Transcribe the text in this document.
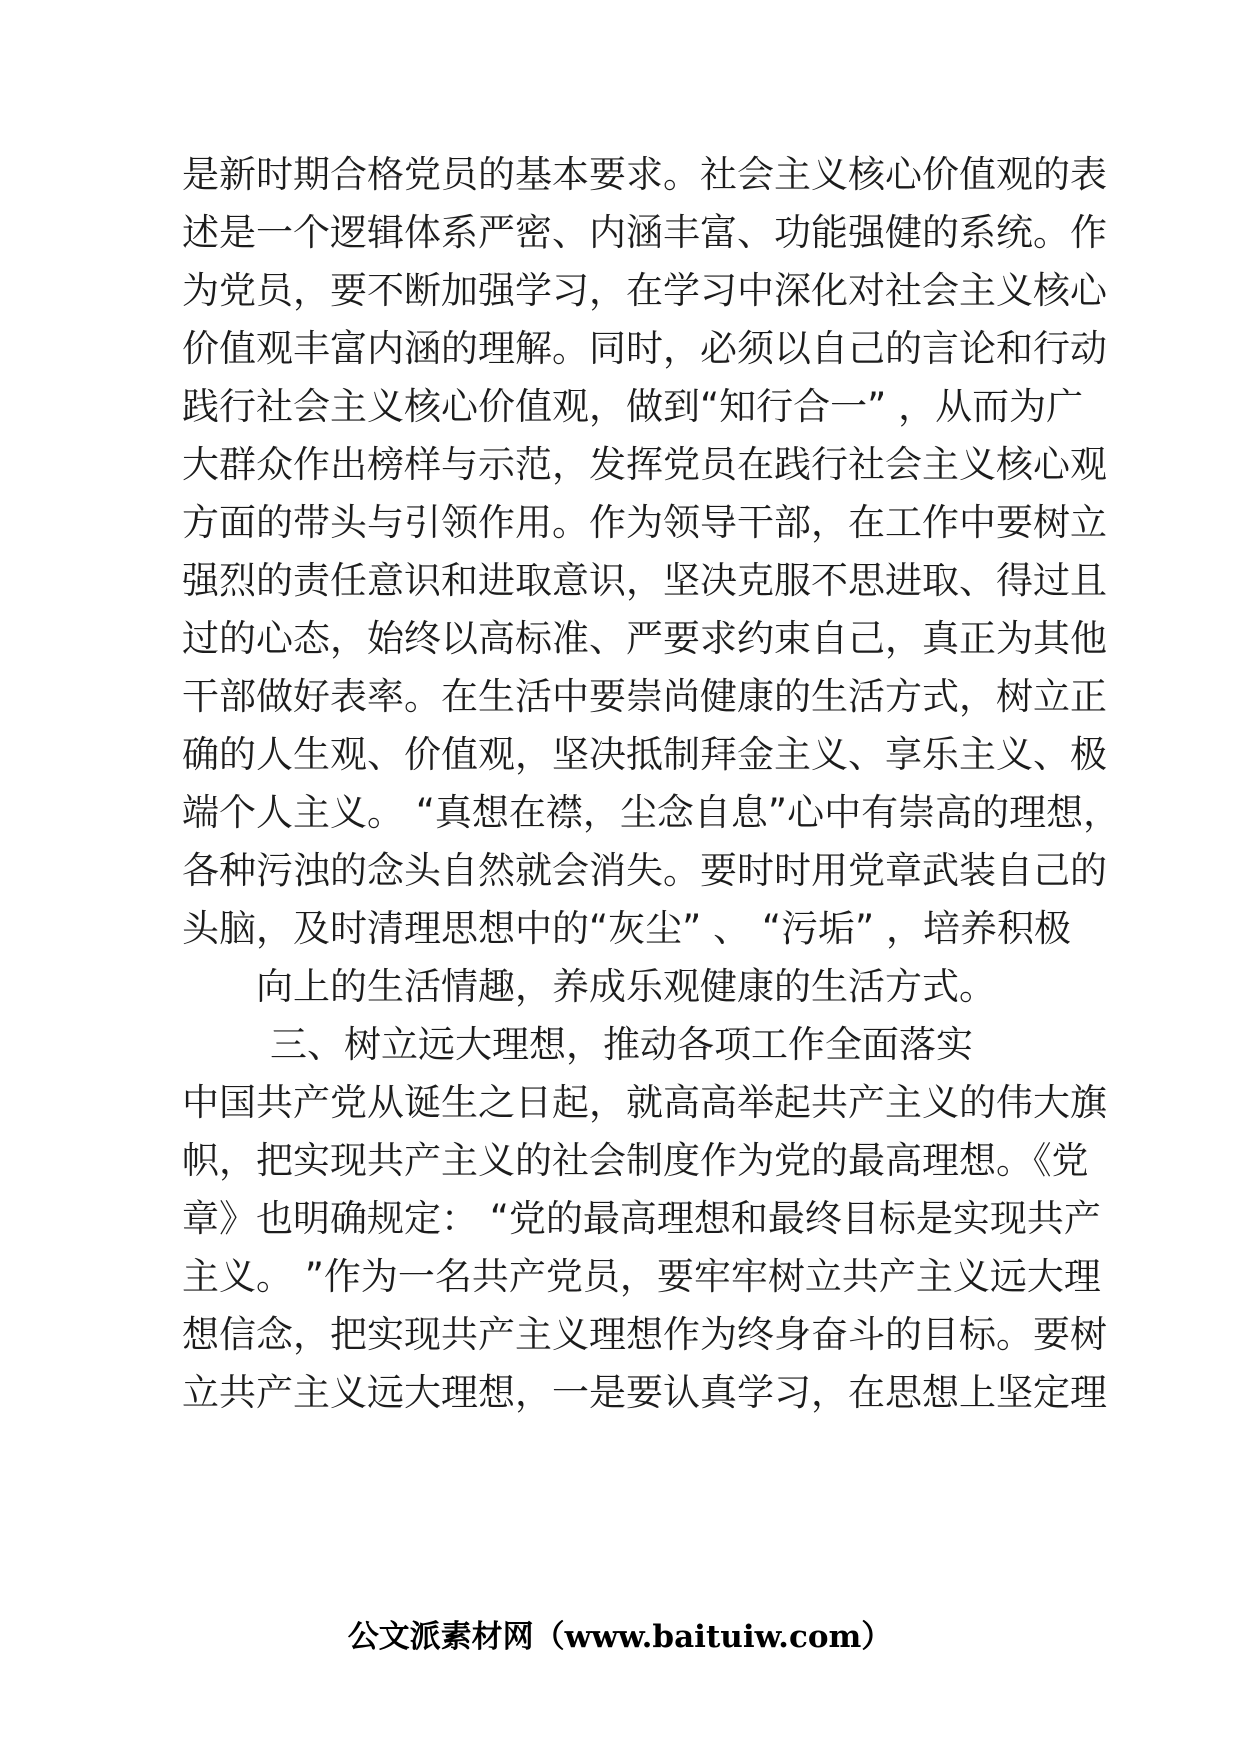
是新时期合格党员的基本要求。社会主义核心价值观的表
述是一个逻辑体系严密、内涵丰富、功能强健的系统。作
为党员，要不断加强学习，在学习中深化对社会主义核心
价值观丰富内涵的理解。同时，必须以自己的言论和行动
践行社会主义核心价值观，做到“知行合一” ，从而为广
大群众作出榜样与示范，发挥党员在践行社会主义核心观
方面的带头与引领作用。作为领导干部，在工作中要树立
强烈的责任意识和进取意识，坚决克服不思进取、得过且
过的心态，始终以高标准、严要求约束自己，真正为其他
干部做好表率。在生活中要崇尚健康的生活方式，树立正
确的人生观、价值观，坚决抵制拜金主义、享乐主义、极
端个人主义。 “真想在襟，尘念自息”心中有崇高的理想，
各种污浊的念头自然就会消失。要时时用党章武装自己的
头脑，及时清理思想中的“灰尘” 、 “污垢” ，培养积极
向上的生活情趣，养成乐观健康的生活方式。
三、树立远大理想，推动各项工作全面落实
中国共产党从诞生之日起，就高高举起共产主义的伟大旗
帜，把实现共产主义的社会制度作为党的最高理想。《党
章》也明确规定： “党的最高理想和最终目标是实现共产
主义。 ”作为一名共产党员，要牢牢树立共产主义远大理
想信念，把实现共产主义理想作为终身奋斗的目标。要树
立共产主义远大理想，一是要认真学习，在思想上坚定理
公文派素材网（www.baituiw.com）
